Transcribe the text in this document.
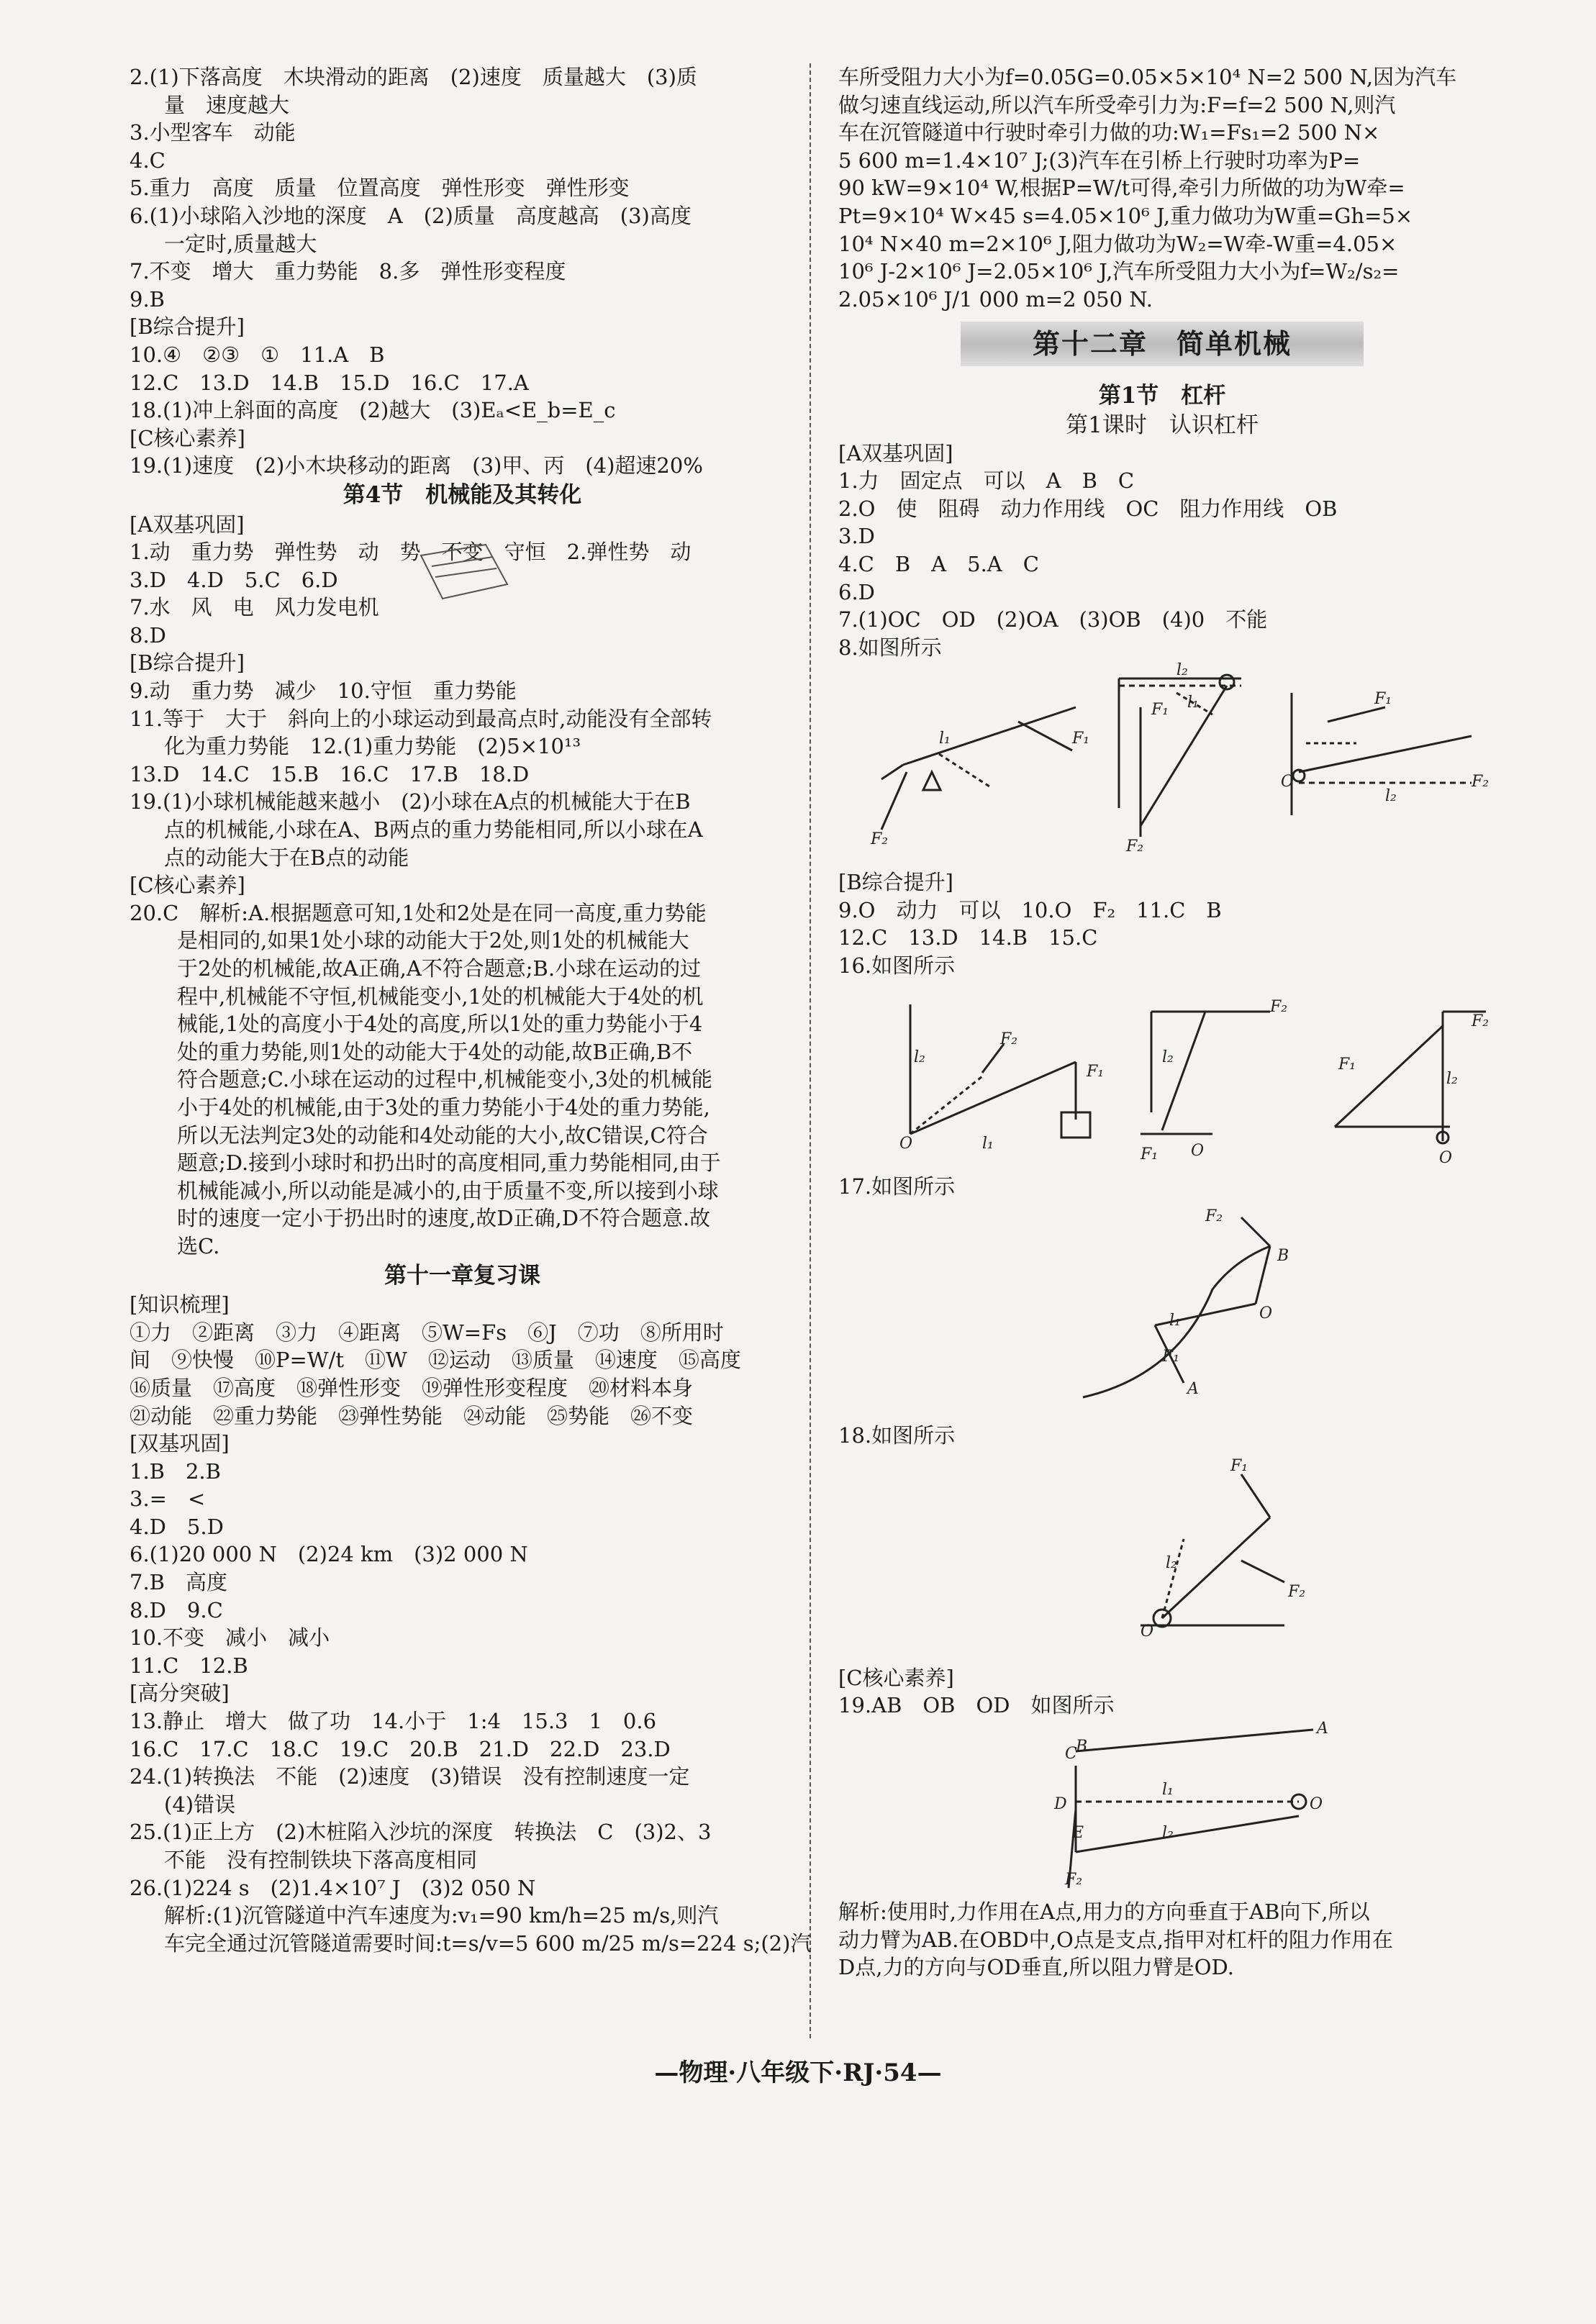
2.(1)下落高度　木块滑动的距离　(2)速度　质量越大　(3)质
量　速度越大
3.小型客车　动能
4.C
5.重力　高度　质量　位置高度　弹性形变　弹性形变
6.(1)小球陷入沙地的深度　A　(2)质量　高度越高　(3)高度
一定时,质量越大
7.不变　增大　重力势能　8.多　弹性形变程度
9.B
[B综合提升]
10.④　②③　①　11.A　B
12.C　13.D　14.B　15.D　16.C　17.A
18.(1)冲上斜面的高度　(2)越大　(3)Eₐ<E_b=E_c
[C核心素养]
19.(1)速度　(2)小木块移动的距离　(3)甲、丙　(4)超速20%
第4节　机械能及其转化
[A双基巩固]
1.动　重力势　弹性势　动　势　不变　守恒　2.弹性势　动
3.D　4.D　5.C　6.D
7.水　风　电　风力发电机
8.D
[B综合提升]
9.动　重力势　减少　10.守恒　重力势能
11.等于　大于　斜向上的小球运动到最高点时,动能没有全部转
化为重力势能　12.(1)重力势能　(2)5×10¹³
13.D　14.C　15.B　16.C　17.B　18.D
19.(1)小球机械能越来越小　(2)小球在A点的机械能大于在B
点的机械能,小球在A、B两点的重力势能相同,所以小球在A
点的动能大于在B点的动能
[C核心素养]
20.C　解析:A.根据题意可知,1处和2处是在同一高度,重力势能
是相同的,如果1处小球的动能大于2处,则1处的机械能大
于2处的机械能,故A正确,A不符合题意;B.小球在运动的过
程中,机械能不守恒,机械能变小,1处的机械能大于4处的机
械能,1处的高度小于4处的高度,所以1处的重力势能小于4
处的重力势能,则1处的动能大于4处的动能,故B正确,B不
符合题意;C.小球在运动的过程中,机械能变小,3处的机械能
小于4处的机械能,由于3处的重力势能小于4处的重力势能,
所以无法判定3处的动能和4处动能的大小,故C错误,C符合
题意;D.接到小球时和扔出时的高度相同,重力势能相同,由于
机械能减小,所以动能是减小的,由于质量不变,所以接到小球
时的速度一定小于扔出时的速度,故D正确,D不符合题意.故
选C.
第十一章复习课
[知识梳理]
①力　②距离　③力　④距离　⑤W=Fs　⑥J　⑦功　⑧所用时
间　⑨快慢　⑩P=W/t　⑪W　⑫运动　⑬质量　⑭速度　⑮高度
⑯质量　⑰高度　⑱弹性形变　⑲弹性形变程度　⑳材料本身
㉑动能　㉒重力势能　㉓弹性势能　㉔动能　㉕势能　㉖不变
[双基巩固]
1.B　2.B
3.=　<
4.D　5.D
6.(1)20 000 N　(2)24 km　(3)2 000 N
7.B　高度
8.D　9.C
10.不变　减小　减小
11.C　12.B
[高分突破]
13.静止　增大　做了功　14.小于　1:4　15.3　1　0.6
16.C　17.C　18.C　19.C　20.B　21.D　22.D　23.D
24.(1)转换法　不能　(2)速度　(3)错误　没有控制速度一定
(4)错误
25.(1)正上方　(2)木桩陷入沙坑的深度　转换法　C　(3)2、3
不能　没有控制铁块下落高度相同
26.(1)224 s　(2)1.4×10⁷ J　(3)2 050 N
解析:(1)沉管隧道中汽车速度为:v₁=90 km/h=25 m/s,则汽
车完全通过沉管隧道需要时间:t=s/v=5 600 m/25 m/s=224 s;(2)汽
车所受阻力大小为f=0.05G=0.05×5×10⁴ N=2 500 N,因为汽车
做匀速直线运动,所以汽车所受牵引力为:F=f=2 500 N,则汽
车在沉管隧道中行驶时牵引力做的功:W₁=Fs₁=2 500 N×
5 600 m=1.4×10⁷ J;(3)汽车在引桥上行驶时功率为P=
90 kW=9×10⁴ W,根据P=W/t可得,牵引力所做的功为W牵=
Pt=9×10⁴ W×45 s=4.05×10⁶ J,重力做功为W重=Gh=5×
10⁴ N×40 m=2×10⁶ J,阻力做功为W₂=W牵-W重=4.05×
10⁶ J-2×10⁶ J=2.05×10⁶ J,汽车所受阻力大小为f=W₂/s₂=
2.05×10⁶ J/1 000 m=2 050 N.
第十二章　简单机械
第1节　杠杆
第1课时　认识杠杆
[A双基巩固]
1.力　固定点　可以　A　B　C
2.O　使　阻碍　动力作用线　OC　阻力作用线　OB
3.D
4.C　B　A　5.A　C
6.D
7.(1)OC　OD　(2)OA　(3)OB　(4)0　不能
8.如图所示
F₁
F₂
l₁
l₂
F₁
F₂
l₁	F₁
F₂
O
l₂
[B综合提升]
9.O　动力　可以　10.O　F₂　11.C　B
12.C　13.D　14.B　15.C
16.如图所示
O
F₂
F₁
l₂
l₁
F₂
l₂
F₁ O
F₂
F₁
l₂
O
17.如图所示
F₂
B
O
l₁
F₁
A
18.如图所示
F₁
l₂
F₂
O
[C核心素养]
19.AB　OB　OD　如图所示
A
C
B
D	O
E
l₁
l₂
F₂
解析:使用时,力作用在A点,用力的方向垂直于AB向下,所以
动力臂为AB.在OBD中,O点是支点,指甲对杠杆的阻力作用在
D点,力的方向与OD垂直,所以阻力臂是OD.
—物理·八年级下·RJ·54—
